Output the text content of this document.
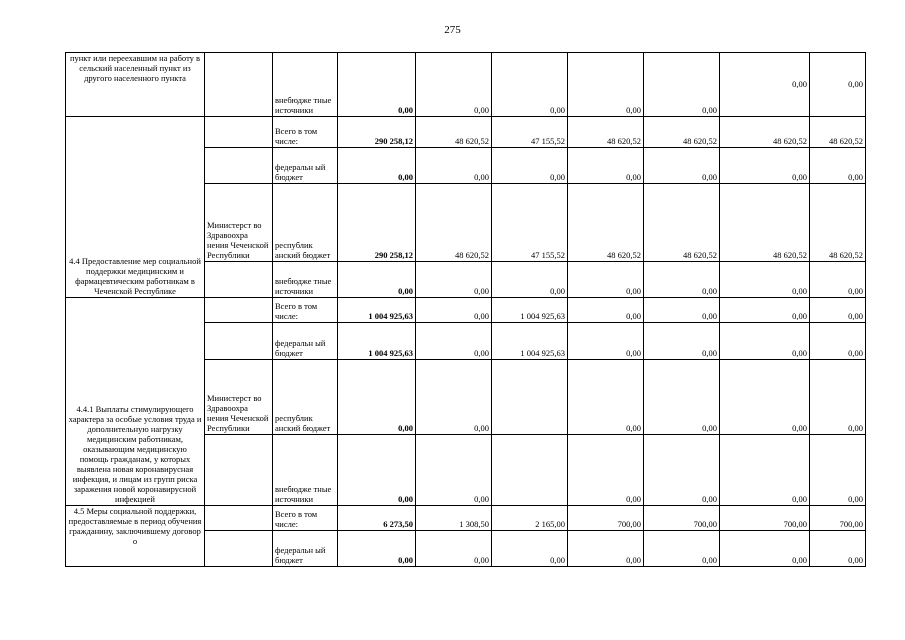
275
пункт или переехавшим на работу в сельский населенный пункт из другого населенного пункта		внебюдже тные источники	0,00	0,00	0,00	0,00	0,00	0,00	0,00
4.4 Предоставление мер социальной поддержки медицинским и фармацевтическим работникам в Чеченской Республике		Всего в том числе:	290 258,12	48 620,52	47 155,52	48 620,52	48 620,52	48 620,52	48 620,52
		федеральн ый бюджет	0,00	0,00	0,00	0,00	0,00	0,00	0,00
	Министерст во Здравоохра нения Чеченской Республики	республик анский бюджет	290 258,12	48 620,52	47 155,52	48 620,52	48 620,52	48 620,52	48 620,52
		внебюдже тные источники	0,00	0,00	0,00	0,00	0,00	0,00	0,00
4.4.1 Выплаты стимулирующего характера за особые условия труда и дополнительную нагрузку медицинским работникам, оказывающим медицинскую помощь гражданам, у которых выявлена новая коронавирусная инфекция, и лицам из групп риска заражения новой коронавирусной инфекцией		Всего в том числе:	1 004 925,63	0,00	1 004 925,63	0,00	0,00	0,00	0,00
		федеральн ый бюджет	1 004 925,63	0,00	1 004 925,63	0,00	0,00	0,00	0,00
	Министерст во Здравоохра нения Чеченской Республики	республик анский бюджет	0,00	0,00		0,00	0,00	0,00	0,00
		внебюдже тные источники	0,00	0,00		0,00	0,00	0,00	0,00
4.5 Меры социальной поддержки, предоставляемые в период обучения гражданину, заключившему договор о		Всего в том числе:	6 273,50	1 308,50	2 165,00	700,00	700,00	700,00	700,00
		федеральн ый бюджет	0,00	0,00	0,00	0,00	0,00	0,00	0,00
